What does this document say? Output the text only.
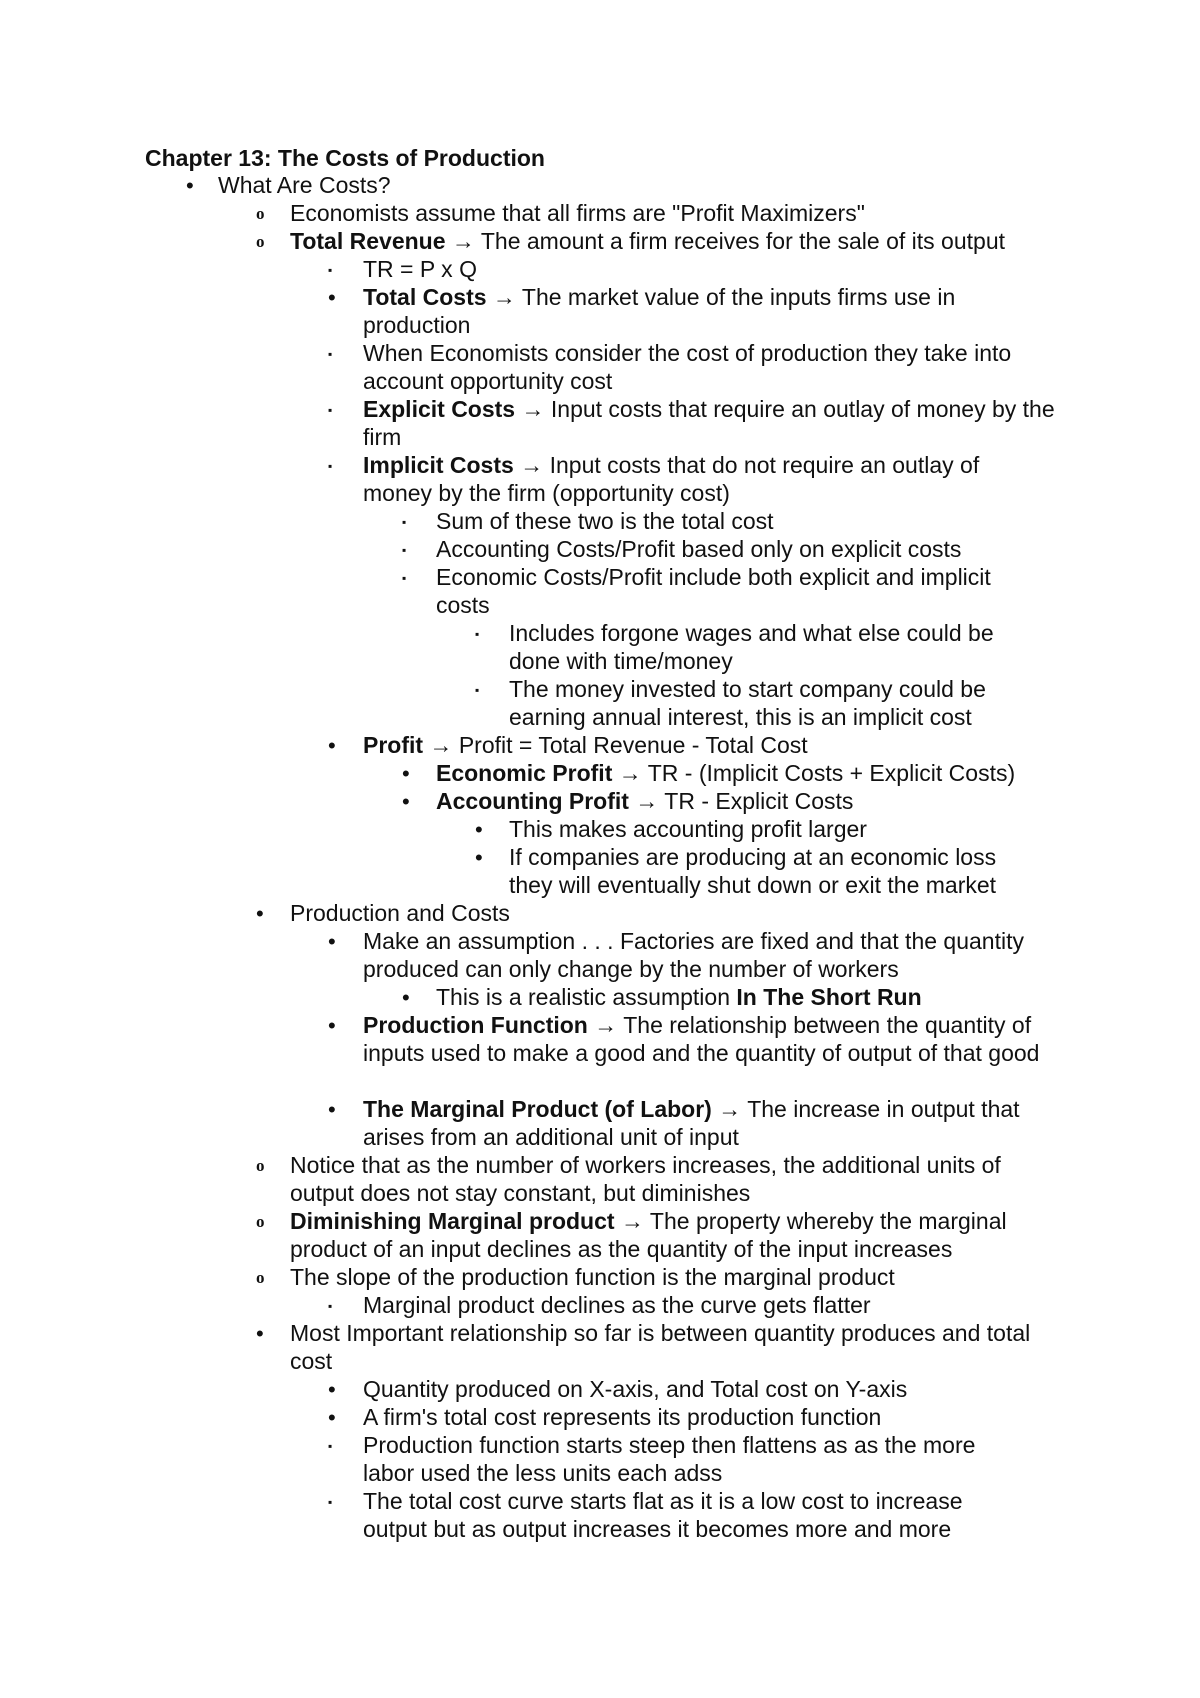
Chapter 13: The Costs of Production
• What Are Costs?
o Economists assume that all firms are "Profit Maximizers"
o Total Revenue → The amount a firm receives for the sale of its output
▪ TR = P x Q
• Total Costs → The market value of the inputs firms use in production
▪ When Economists consider the cost of production they take into account opportunity cost
▪ Explicit Costs → Input costs that require an outlay of money by the firm
▪ Implicit Costs → Input costs that do not require an outlay of money by the firm (opportunity cost)
▪ Sum of these two is the total cost
▪ Accounting Costs/Profit based only on explicit costs
▪ Economic Costs/Profit include both explicit and implicit costs
▪ Includes forgone wages and what else could be done with time/money
▪ The money invested to start company could be earning annual interest, this is an implicit cost
• Profit → Profit = Total Revenue - Total Cost
• Economic Profit → TR - (Implicit Costs + Explicit Costs)
• Accounting Profit → TR - Explicit Costs
• This makes accounting profit larger
• If companies are producing at an economic loss they will eventually shut down or exit the market
• Production and Costs
• Make an assumption . . . Factories are fixed and that the quantity produced can only change by the number of workers
• This is a realistic assumption In The Short Run
• Production Function → The relationship between the quantity of inputs used to make a good and the quantity of output of that good
• The Marginal Product (of Labor) → The increase in output that arises from an additional unit of input
o Notice that as the number of workers increases, the additional units of output does not stay constant, but diminishes
o Diminishing Marginal product → The property whereby the marginal product of an input declines as the quantity of the input increases
o The slope of the production function is the marginal product
▪ Marginal product declines as the curve gets flatter
• Most Important relationship so far is between quantity produces and total cost
• Quantity produced on X-axis, and Total cost on Y-axis
• A firm's total cost represents its production function
▪ Production function starts steep then flattens as as the more labor used the less units each adss
▪ The total cost curve starts flat as it is a low cost to increase output but as output increases it becomes more and more
